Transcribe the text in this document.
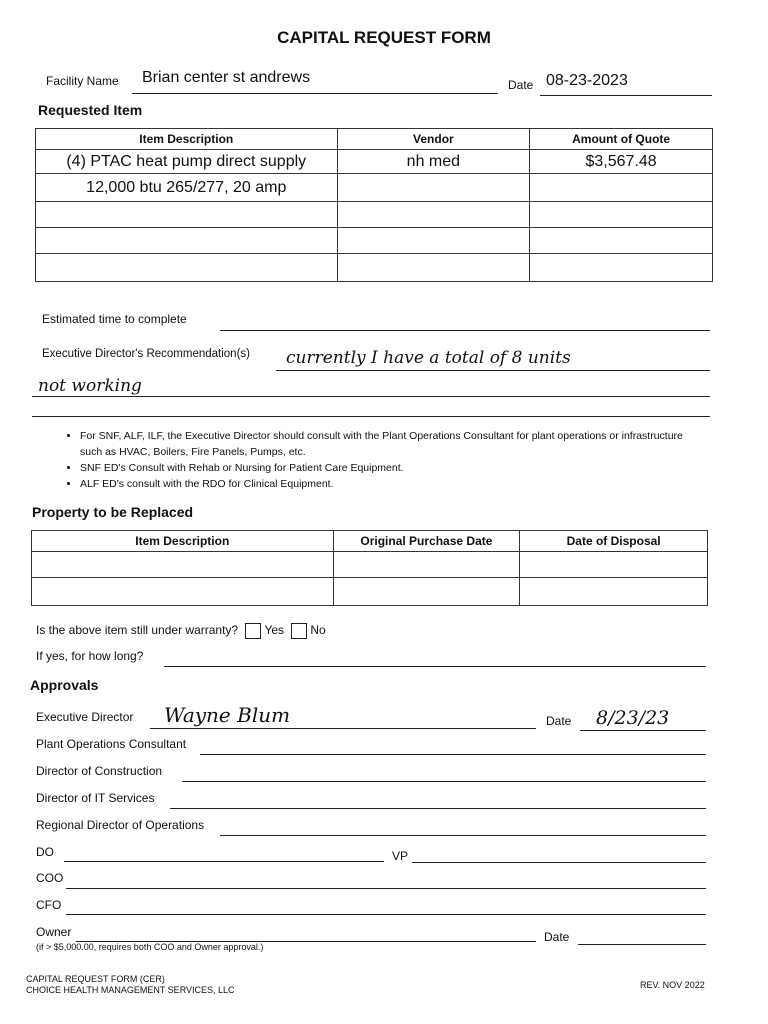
CAPITAL REQUEST FORM
Facility Name Brian center st andrews	Date 08-23-2023
Requested Item
Item Description	Vendor	Amount of Quote
(4) PTAC heat pump direct supply	nh med	$3,567.48
12,000 btu 265/277, 20 amp		

Estimated time to complete
Executive Director's Recommendation(s) currently I have a total of 8 units
not working
• For SNF, ALF, ILF, the Executive Director should consult with the Plant Operations Consultant for plant operations or infrastructure such as HVAC, Boilers, Fire Panels, Pumps, etc.
• SNF ED's Consult with Rehab or Nursing for Patient Care Equipment.
• ALF ED's consult with the RDO for Clinical Equipment.
Property to be Replaced
Item Description	Original Purchase Date	Date of Disposal

Is the above item still under warranty? Yes No
If yes, for how long?
Approvals
Executive Director Wayne Blum	Date 8/23/23
Plant Operations Consultant
Director of Construction
Director of IT Services
Regional Director of Operations
DO	VP
COO
CFO
Owner
(if > $5,000.00, requires both COO and Owner approval.)
Date
CAPITAL REQUEST FORM (CER)
CHOICE HEALTH MANAGEMENT SERVICES, LLC	REV. NOV 2022
